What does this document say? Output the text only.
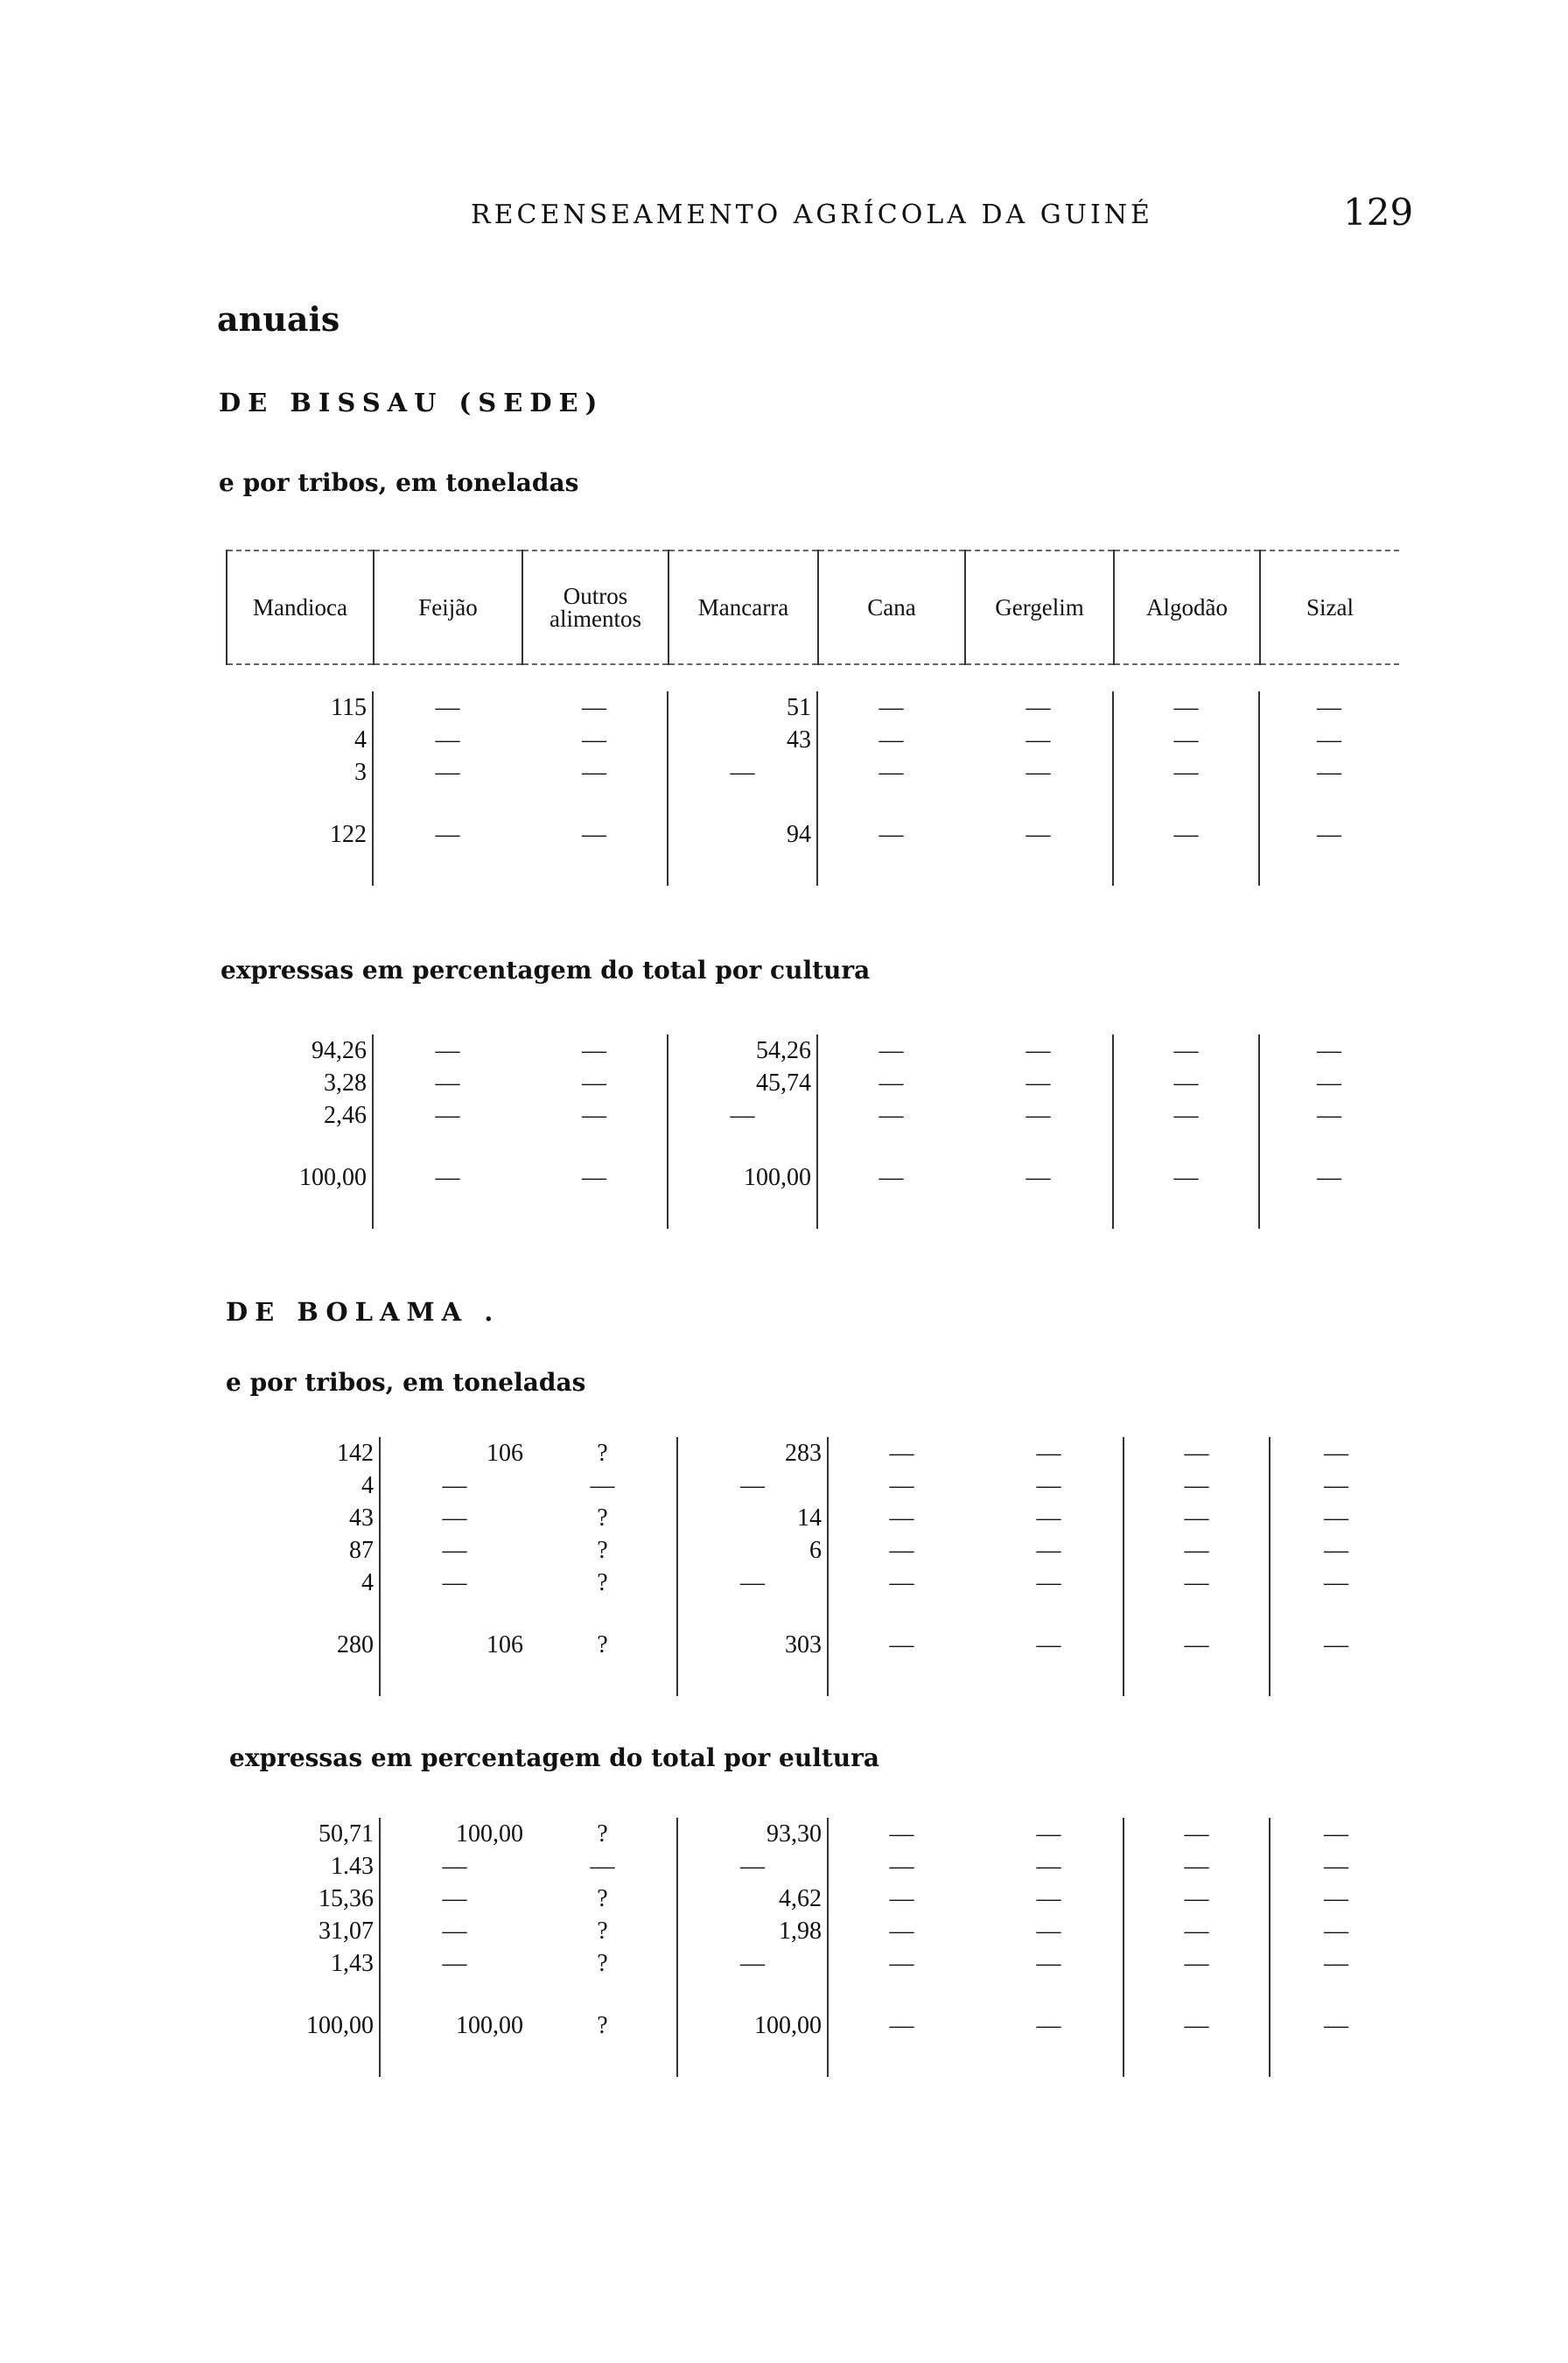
RECENSEAMENTO AGRÍCOLA DA GUINÉ	129
anuais
DE BISSAU (SEDE)
e por tribos, em toneladas
Mandioca	Feijão	Outros alimentos	Mancarra	Cana	Gergelim	Algodão	Sizal
115	—	—	51	—	—	—	—
4	—	—	43	—	—	—	—
3	—	—	—	—	—	—	—

122	—	—	94	—	—	—	—

expressas em percentagem do total por cultura
94,26	—	—	54,26	—	—	—	—
3,28	—	—	45,74	—	—	—	—
2,46	—	—	—	—	—	—	—

100,00	—	—	100,00	—	—	—	—

DE BOLAMA .
e por tribos, em toneladas
142	106	?	283	—	—	—	—
4	—	—	—	—	—	—	—
43	—	?	14	—	—	—	—
87	—	?	6	—	—	—	—
4	—	?	—	—	—	—	—

280	106	?	303	—	—	—	—

expressas em percentagem do total por eultura
50,71	100,00	?	93,30	—	—	—	—
1.43	—	—	—	—	—	—	—
15,36	—	?	4,62	—	—	—	—
31,07	—	?	1,98	—	—	—	—
1,43	—	?	—	—	—	—	—

100,00	100,00	?	100,00	—	—	—	—
